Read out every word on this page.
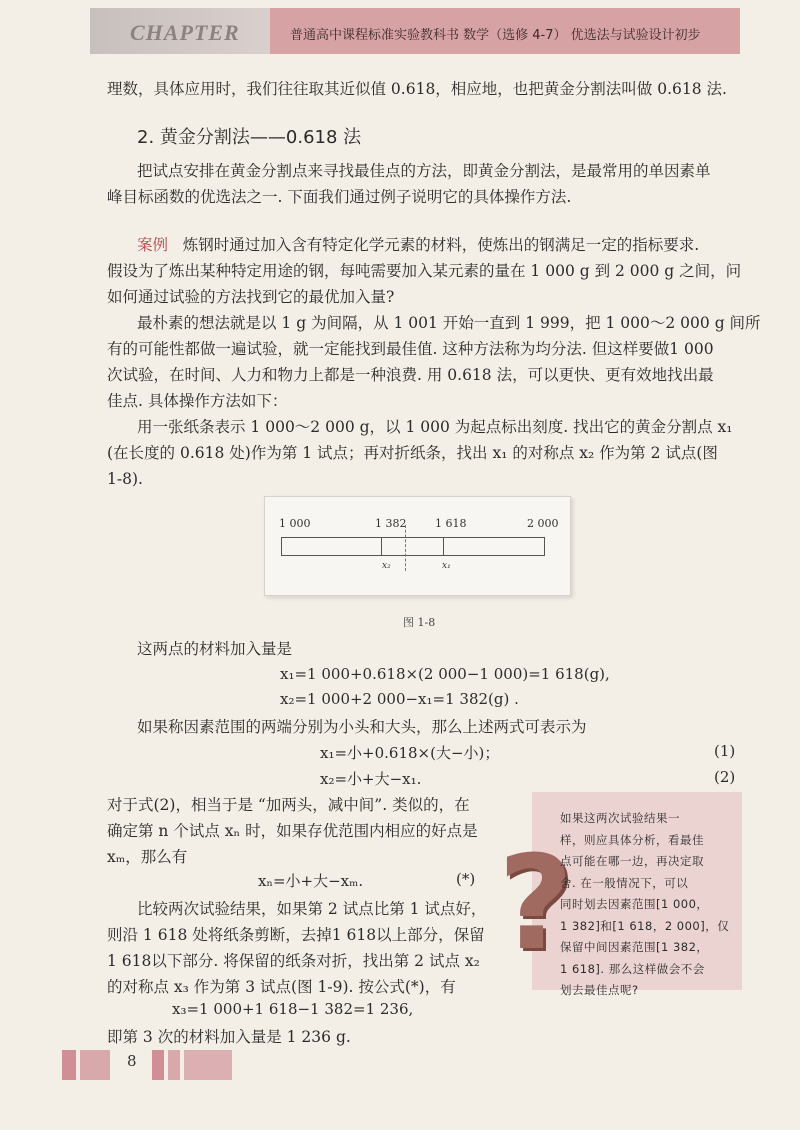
CHAPTER	普通高中课程标准实验教科书 数学（选修 4-7） 优选法与试验设计初步
理数，具体应用时，我们往往取其近似值 0.618，相应地，也把黄金分割法叫做 0.618 法.
2. 黄金分割法——0.618 法
把试点安排在黄金分割点来寻找最佳点的方法，即黄金分割法，是最常用的单因素单
峰目标函数的优选法之一. 下面我们通过例子说明它的具体操作方法.
案例 炼钢时通过加入含有特定化学元素的材料，使炼出的钢满足一定的指标要求.
假设为了炼出某种特定用途的钢，每吨需要加入某元素的量在 1 000 g 到 2 000 g 之间，问
如何通过试验的方法找到它的最优加入量?
最朴素的想法就是以 1 g 为间隔，从 1 001 开始一直到 1 999，把 1 000～2 000 g 间所
有的可能性都做一遍试验，就一定能找到最佳值. 这种方法称为均分法. 但这样要做1 000
次试验，在时间、人力和物力上都是一种浪费. 用 0.618 法，可以更快、更有效地找出最
佳点. 具体操作方法如下：
用一张纸条表示 1 000～2 000 g，以 1 000 为起点标出刻度. 找出它的黄金分割点 x₁
(在长度的 0.618 处)作为第 1 试点；再对折纸条，找出 x₁ 的对称点 x₂ 作为第 2 试点(图
1-8).
1 000	1 382	1 618	2 000
x₂	x₁
图 1-8
这两点的材料加入量是
x₁=1 000+0.618×(2 000−1 000)=1 618(g),
x₂=1 000+2 000−x₁=1 382(g) .
如果称因素范围的两端分别为小头和大头，那么上述两式可表示为
x₁=小+0.618×(大−小)；	(1)
x₂=小+大−x₁.	(2)
对于式(2)，相当于是 “加两头，减中间”. 类似的，在
确定第 n 个试点 xₙ 时，如果存优范围内相应的好点是
xₘ，那么有
xₙ=小+大−xₘ.	(*)
比较两次试验结果，如果第 2 试点比第 1 试点好，
则沿 1 618 处将纸条剪断，去掉1 618以上部分，保留
1 618以下部分. 将保留的纸条对折，找出第 2 试点 x₂
的对称点 x₃ 作为第 3 试点(图 1-9). 按公式(*)，有
x₃=1 000+1 618−1 382=1 236,
即第 3 次的材料加入量是 1 236 g.
?
如果这两次试验结果一
样，则应具体分析，看最佳
点可能在哪一边，再决定取
舍. 在一般情况下，可以
同时划去因素范围[1 000，
1 382]和[1 618，2 000]，仅
保留中间因素范围[1 382，
1 618]. 那么这样做会不会
划去最佳点呢?
8
